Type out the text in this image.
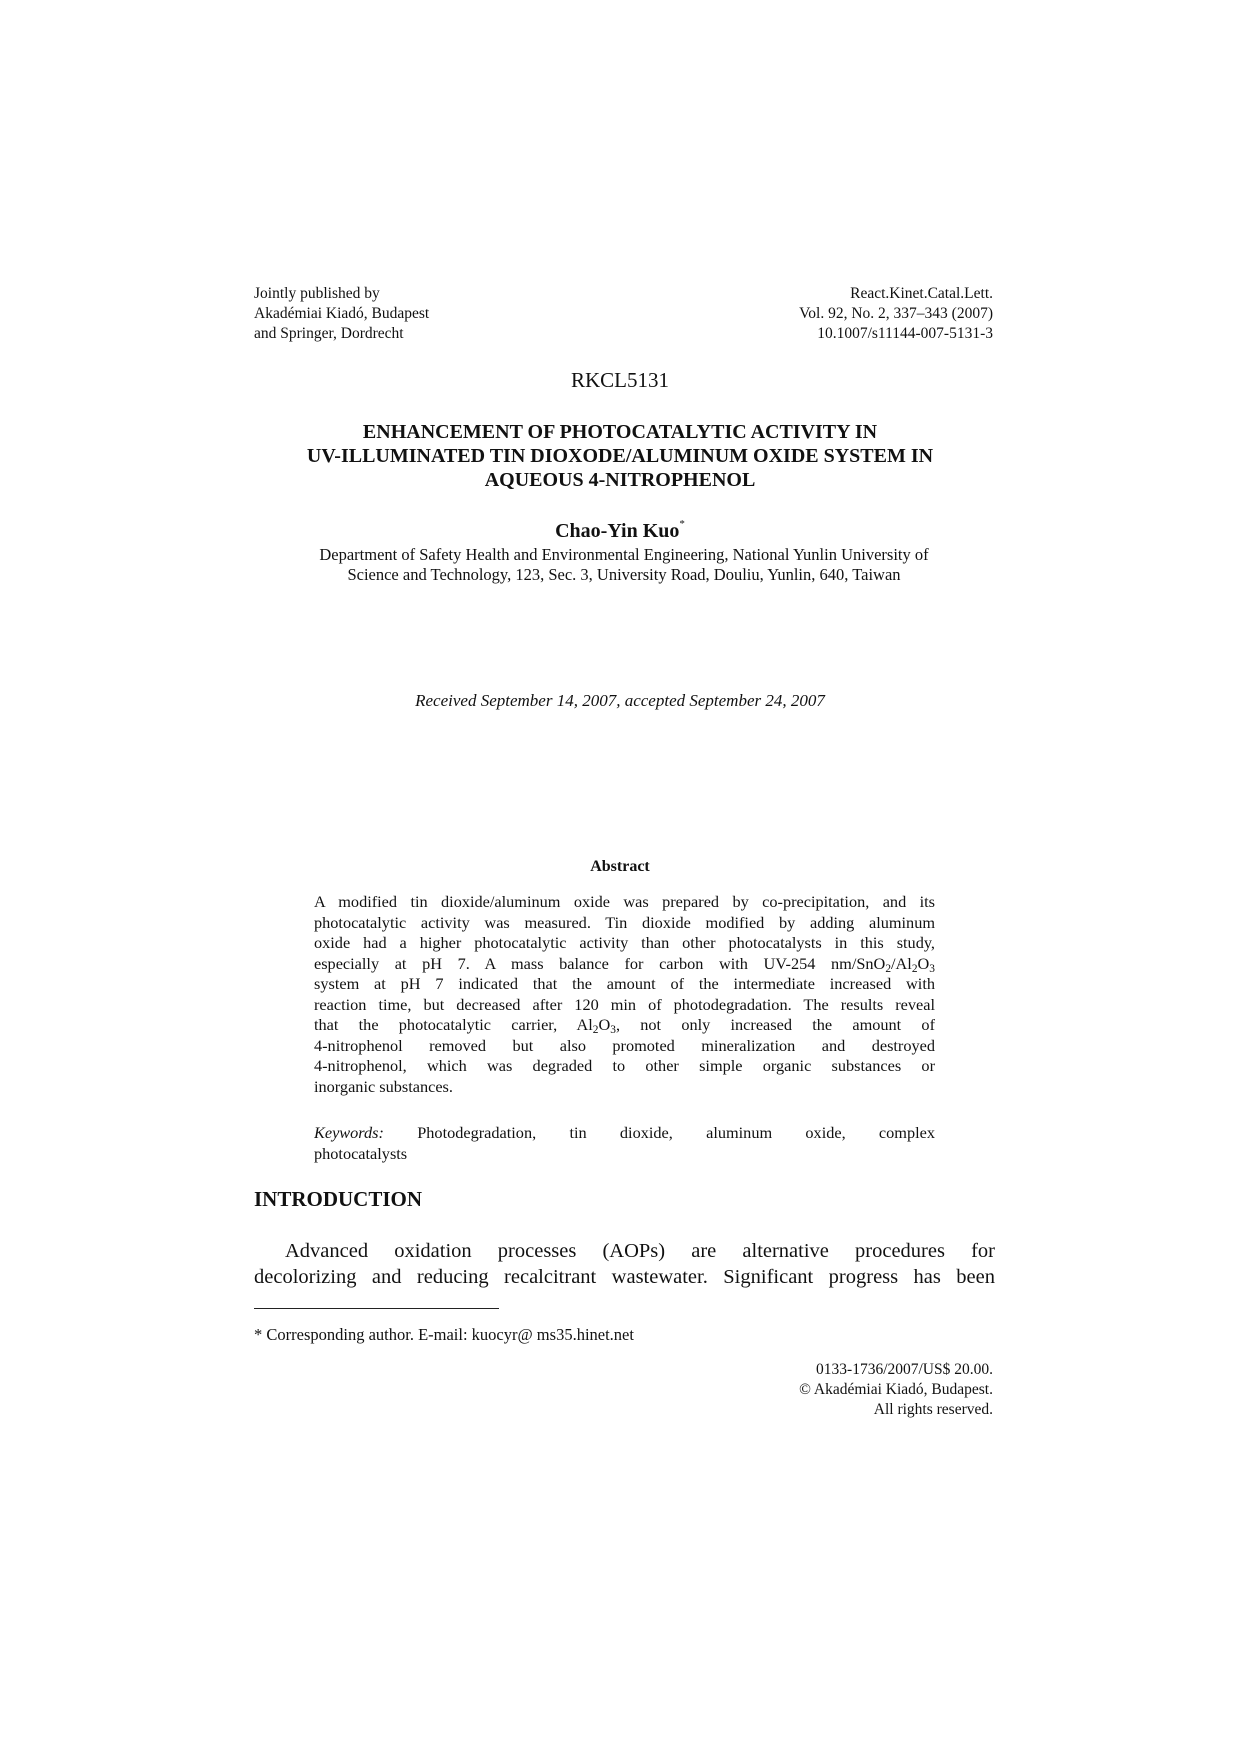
Jointly published by
Akadémiai Kiadó, Budapest
and Springer, Dordrecht
React.Kinet.Catal.Lett.
Vol. 92, No. 2, 337–343 (2007)
10.1007/s11144-007-5131-3
RKCL5131
ENHANCEMENT OF PHOTOCATALYTIC ACTIVITY IN
UV-ILLUMINATED TIN DIOXODE/ALUMINUM OXIDE SYSTEM IN
AQUEOUS 4-NITROPHENOL
Chao-Yin Kuo*
Department of Safety Health and Environmental Engineering, National Yunlin University of
Science and Technology, 123, Sec. 3, University Road, Douliu, Yunlin, 640, Taiwan
Received September 14, 2007, accepted September 24, 2007
Abstract
A modified tin dioxide/aluminum oxide was prepared by co-precipitation, and its
photocatalytic activity was measured. Tin dioxide modified by adding aluminum
oxide had a higher photocatalytic activity than other photocatalysts in this study,
especially at pH 7. A mass balance for carbon with UV-254 $nm/SnO_2/Al_2O_3$
system at pH 7 indicated that the amount of the intermediate increased with
reaction time, but decreased after 120 min of photodegradation. The results reveal
that the photocatalytic carrier, $Al_2O_3$, not only increased the amount of
4-nitrophenol removed but also promoted mineralization and destroyed
4-nitrophenol, which was degraded to other simple organic substances or
inorganic substances.
Keywords: Photodegradation, tin dioxide, aluminum oxide, complex
photocatalysts
INTRODUCTION
Advanced oxidation processes (AOPs) are alternative procedures for
decolorizing and reducing recalcitrant wastewater. Significant progress has been
* Corresponding author. E-mail: kuocyr@ ms35.hinet.net
0133-1736/2007/US$ 20.00.
© Akadémiai Kiadó, Budapest.
All rights reserved.
